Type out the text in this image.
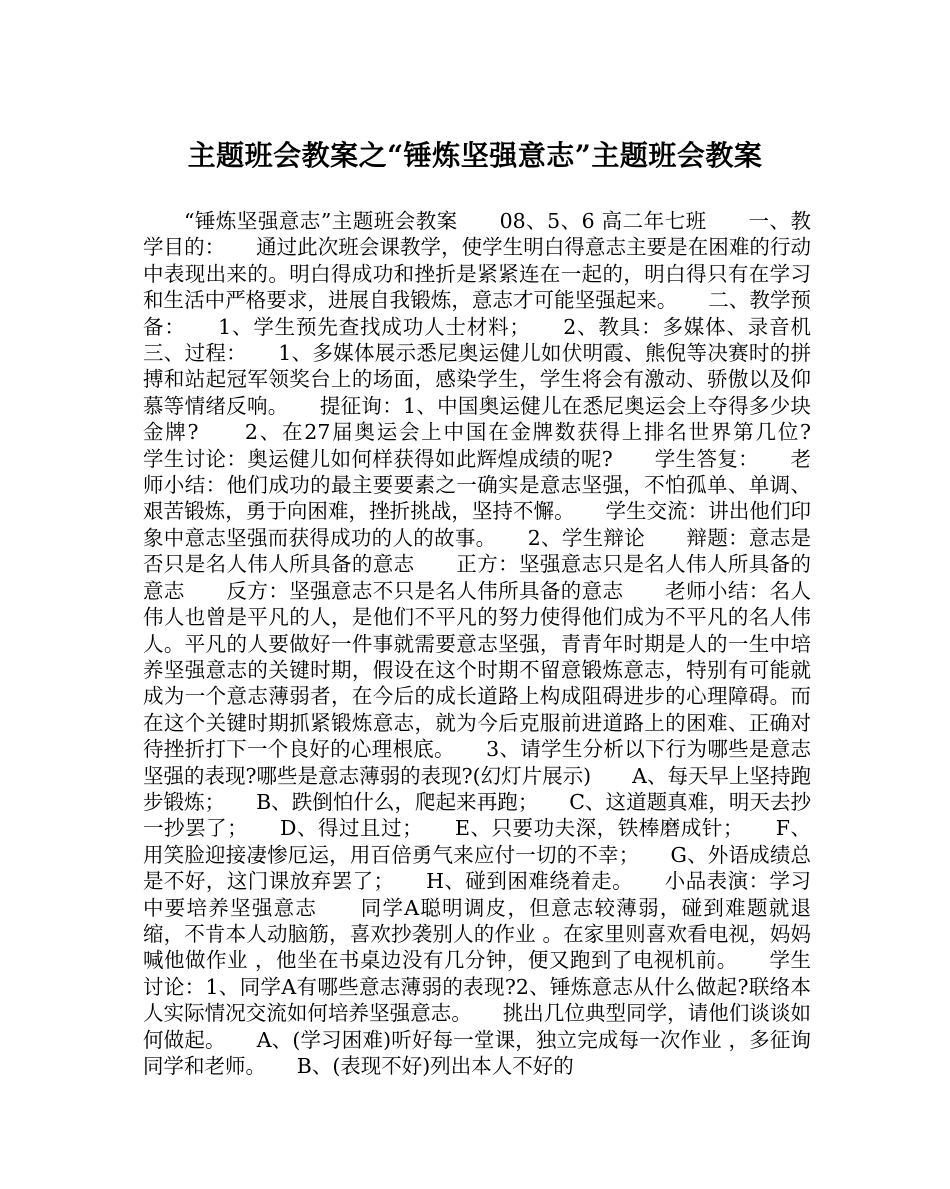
主题班会教案之“锤炼坚强意志”主题班会教案

“锤炼坚强意志”主题班会教案　　08、5、6 高二年七班　　一、教学目的：　　通过此次班会课教学，使学生明白得意志主要是在困难的行动中表现出来的。明白得成功和挫折是紧紧连在一起的，明白得只有在学习和生活中严格要求，进展自我锻炼，意志才可能坚强起来。　　二、教学预备：　　1、学生预先查找成功人士材料；　　2、教具：多媒体、录音机　　三、过程：　　1、多媒体展示悉尼奥运健儿如伏明霞、熊倪等决赛时的拼搏和站起冠军领奖台上的场面，感染学生，学生将会有激动、骄傲以及仰慕等情绪反响。　　提征询：1、中国奥运健儿在悉尼奥运会上夺得多少块金牌?　　2、在27届奥运会上中国在金牌数获得上排名世界第几位?　　学生讨论：奥运健儿如何样获得如此辉煌成绩的呢?　　学生答复：　　老师小结：他们成功的最主要要素之一确实是意志坚强，不怕孤单、单调、艰苦锻炼，勇于向困难，挫折挑战，坚持不懈。　　学生交流：讲出他们印象中意志坚强而获得成功的人的故事。　　2、学生辩论　　辩题：意志是否只是名人伟人所具备的意志　　正方：坚强意志只是名人伟人所具备的意志　　反方：坚强意志不只是名人伟所具备的意志　　老师小结：名人伟人也曾是平凡的人，是他们不平凡的努力使得他们成为不平凡的名人伟人。平凡的人要做好一件事就需要意志坚强，青青年时期是人的一生中培养坚强意志的关键时期，假设在这个时期不留意锻炼意志，特别有可能就成为一个意志薄弱者，在今后的成长道路上构成阻碍进步的心理障碍。而在这个关键时期抓紧锻炼意志，就为今后克服前进道路上的困难、正确对待挫折打下一个良好的心理根底。　　3、请学生分析以下行为哪些是意志坚强的表现?哪些是意志薄弱的表现?(幻灯片展示)　　A、每天早上坚持跑步锻炼；　　B、跌倒怕什么，爬起来再跑；　　C、这道题真难，明天去抄一抄罢了；　　D、得过且过；　　E、只要功夫深，铁棒磨成针；　　F、用笑脸迎接凄惨厄运，用百倍勇气来应付一切的不幸；　　G、外语成绩总是不好，这门课放弃罢了；　　H、碰到困难绕着走。　　小品表演：学习中要培养坚强意志　　同学A聪明调皮，但意志较薄弱，碰到难题就退缩，不肯本人动脑筋，喜欢抄袭别人的作业 。在家里则喜欢看电视，妈妈喊他做作业 ，他坐在书桌边没有几分钟，便又跑到了电视机前。　　学生讨论：1、同学A有哪些意志薄弱的表现?2、锤炼意志从什么做起?联络本人实际情况交流如何培养坚强意志。　　挑出几位典型同学，请他们谈谈如何做起。　　A、(学习困难)听好每一堂课，独立完成每一次作业 ，多征询同学和老师。　　B、(表现不好)列出本人不好的
